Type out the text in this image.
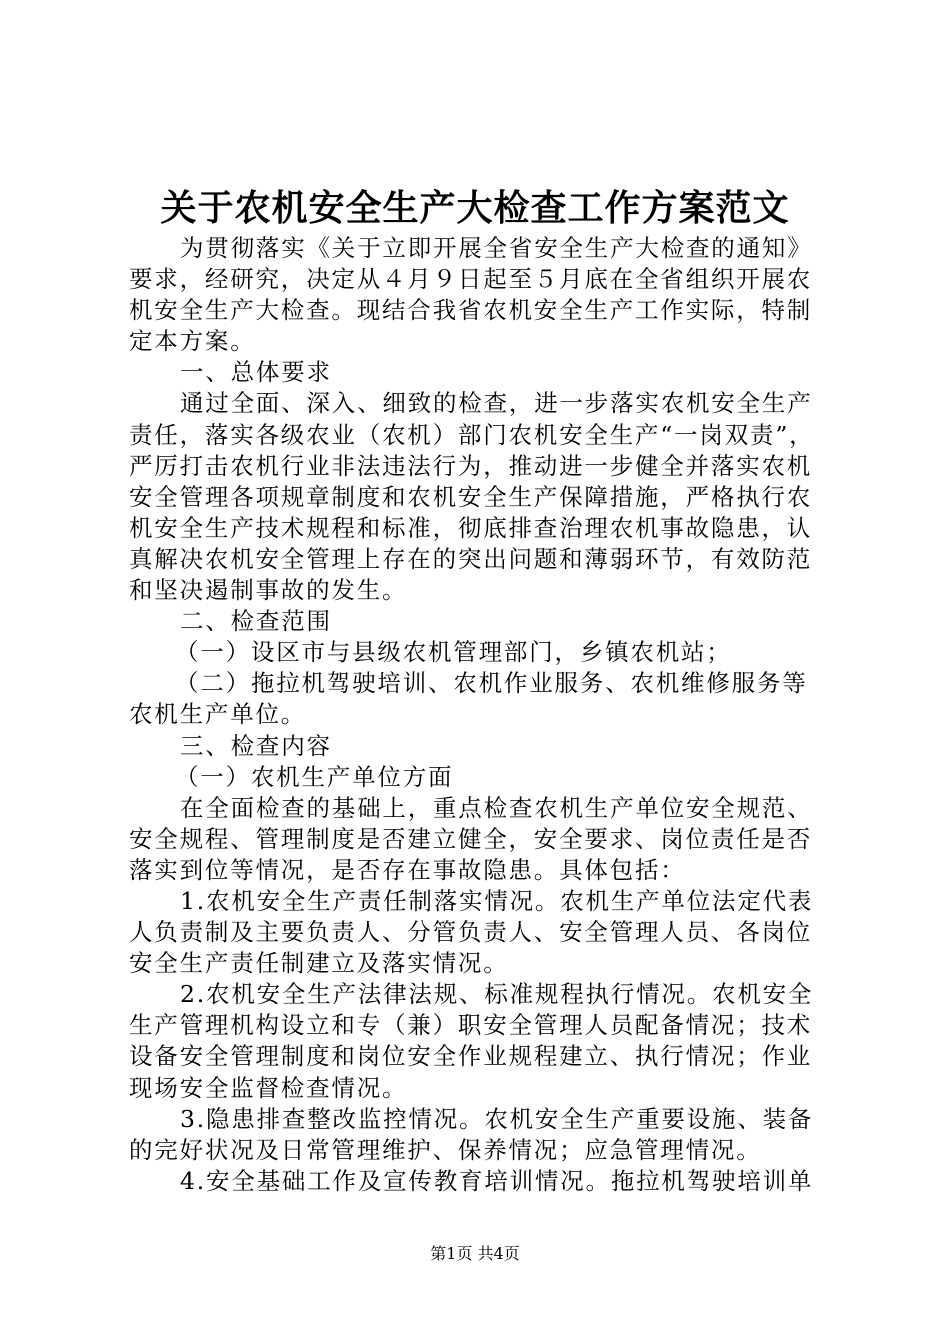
关于农机安全生产大检查工作方案范文
为贯彻落实《关于立即开展全省安全生产大检查的通知》
要求，经研究，决定从４月９日起至５月底在全省组织开展农
机安全生产大检查。现结合我省农机安全生产工作实际，特制
定本方案。
一、总体要求
通过全面、深入、细致的检查，进一步落实农机安全生产
责任，落实各级农业（农机）部门农机安全生产“一岗双责”，
严厉打击农机行业非法违法行为，推动进一步健全并落实农机
安全管理各项规章制度和农机安全生产保障措施，严格执行农
机安全生产技术规程和标准，彻底排查治理农机事故隐患，认
真解决农机安全管理上存在的突出问题和薄弱环节，有效防范
和坚决遏制事故的发生。
二、检查范围
（一）设区市与县级农机管理部门，乡镇农机站；
（二）拖拉机驾驶培训、农机作业服务、农机维修服务等
农机生产单位。
三、检查内容
（一）农机生产单位方面
在全面检查的基础上，重点检查农机生产单位安全规范、
安全规程、管理制度是否建立健全，安全要求、岗位责任是否
落实到位等情况，是否存在事故隐患。具体包括：
1.农机安全生产责任制落实情况。农机生产单位法定代表
人负责制及主要负责人、分管负责人、安全管理人员、各岗位
安全生产责任制建立及落实情况。
2.农机安全生产法律法规、标准规程执行情况。农机安全
生产管理机构设立和专（兼）职安全管理人员配备情况；技术
设备安全管理制度和岗位安全作业规程建立、执行情况；作业
现场安全监督检查情况。
3.隐患排查整改监控情况。农机安全生产重要设施、装备
的完好状况及日常管理维护、保养情况；应急管理情况。
4.安全基础工作及宣传教育培训情况。拖拉机驾驶培训单
第1页 共4页
